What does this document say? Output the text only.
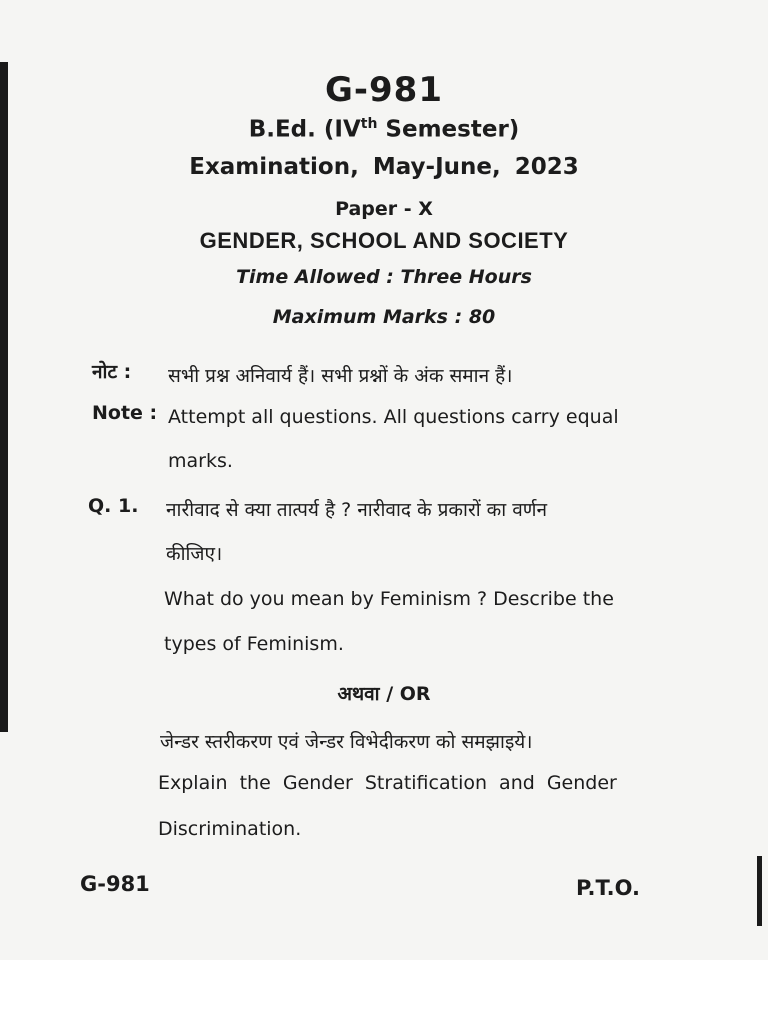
G-981
B.Ed. (IVth Semester)
Examination, May-June, 2023
Paper - X
GENDER, SCHOOL AND SOCIETY
Time Allowed : Three Hours
Maximum Marks : 80
नोट : सभी प्रश्न अनिवार्य हैं। सभी प्रश्नों के अंक समान हैं।
Note : Attempt all questions. All questions carry equal
marks.
Q. 1. नारीवाद से क्या तात्पर्य है ? नारीवाद के प्रकारों का वर्णन
कीजिए।
What do you mean by Feminism ? Describe the
types of Feminism.
अथवा / OR
जेन्डर स्तरीकरण एवं जेन्डर विभेदीकरण को समझाइये।
Explain the Gender Stratification and Gender
Discrimination.
G-981	P.T.O.
